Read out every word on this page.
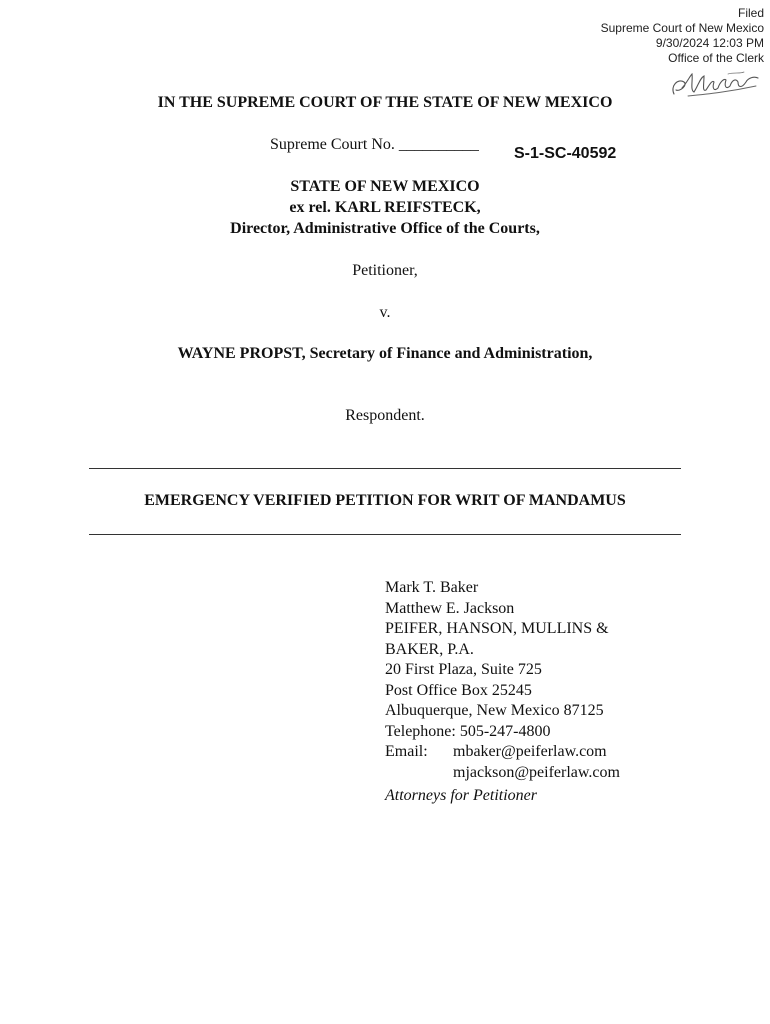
Filed
Supreme Court of New Mexico
9/30/2024 12:03 PM
Office of the Clerk
IN THE SUPREME COURT OF THE STATE OF NEW MEXICO
Supreme Court No. __________
S-1-SC-40592
STATE OF NEW MEXICO
ex rel. KARL REIFSTECK,
Director, Administrative Office of the Courts,
Petitioner,
v.
WAYNE PROPST, Secretary of Finance and Administration,
Respondent.
EMERGENCY VERIFIED PETITION FOR WRIT OF MANDAMUS
Mark T. Baker
Matthew E. Jackson
PEIFER, HANSON, MULLINS &
BAKER, P.A.
20 First Plaza, Suite 725
Post Office Box 25245
Albuquerque, New Mexico 87125
Telephone: 505-247-4800
Email: mbaker@peiferlaw.com
mjackson@peiferlaw.com
Attorneys for Petitioner
